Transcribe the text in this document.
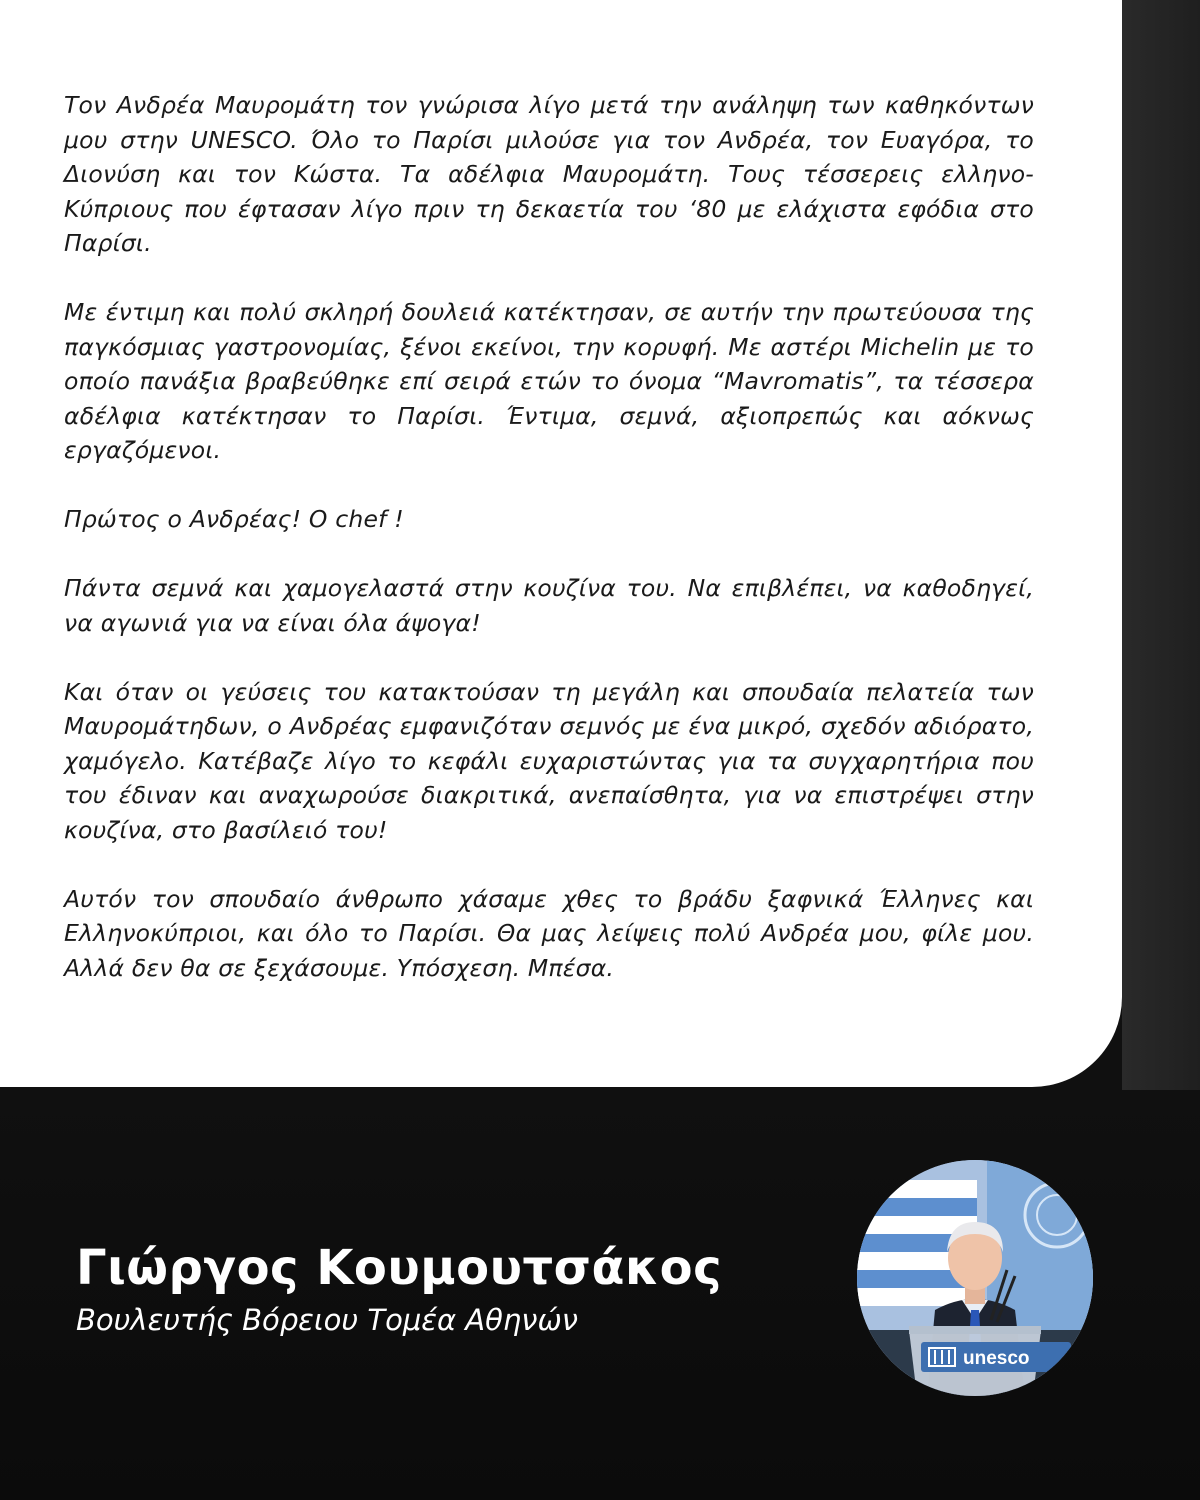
Τον Ανδρέα Μαυρομάτη τον γνώρισα λίγο μετά την ανάληψη των καθηκόντων μου στην UNESCO. Όλο το Παρίσι μιλούσε για τον Ανδρέα, τον Ευαγόρα, το Διονύση και τον Κώστα. Τα αδέλφια Μαυρομάτη. Τους τέσσερεις ελληνο-Κύπριους που έφτασαν λίγο πριν τη δεκαετία του ‘80 με ελάχιστα εφόδια στο Παρίσι.

Με έντιμη και πολύ σκληρή δουλειά κατέκτησαν, σε αυτήν την πρωτεύουσα της παγκόσμιας γαστρονομίας, ξένοι εκείνοι, την κορυφή. Με αστέρι Michelin με το οποίο πανάξια βραβεύθηκε επί σειρά ετών το όνομα “Mavromatis”, τα τέσσερα αδέλφια κατέκτησαν το Παρίσι. Έντιμα, σεμνά, αξιοπρεπώς και αόκνως εργαζόμενοι.

Πρώτος ο Ανδρέας! Ο chef !

Πάντα σεμνά και χαμογελαστά στην κουζίνα του. Να επιβλέπει, να καθοδηγεί, να αγωνιά για να είναι όλα άψογα!

Και όταν οι γεύσεις του κατακτούσαν τη μεγάλη και σπουδαία πελατεία των Μαυρομάτηδων, ο Ανδρέας εμφανιζόταν σεμνός με ένα μικρό, σχεδόν αδιόρατο, χαμόγελο. Κατέβαζε λίγο το κεφάλι ευχαριστώντας για τα συγχαρητήρια που του έδιναν και αναχωρούσε διακριτικά, ανεπαίσθητα, για να επιστρέψει στην κουζίνα, στο βασίλειό του!

Αυτόν τον σπουδαίο άνθρωπο χάσαμε χθες το βράδυ ξαφνικά Έλληνες και Ελληνοκύπριοι, και όλο το Παρίσι. Θα μας λείψεις πολύ Ανδρέα μου, φίλε μου. Αλλά δεν θα σε ξεχάσουμε. Υπόσχεση. Μπέσα.

Γιώργος Κουμουτσάκος
Βουλευτής Βόρειου Τομέα Αθηνών
unesco
